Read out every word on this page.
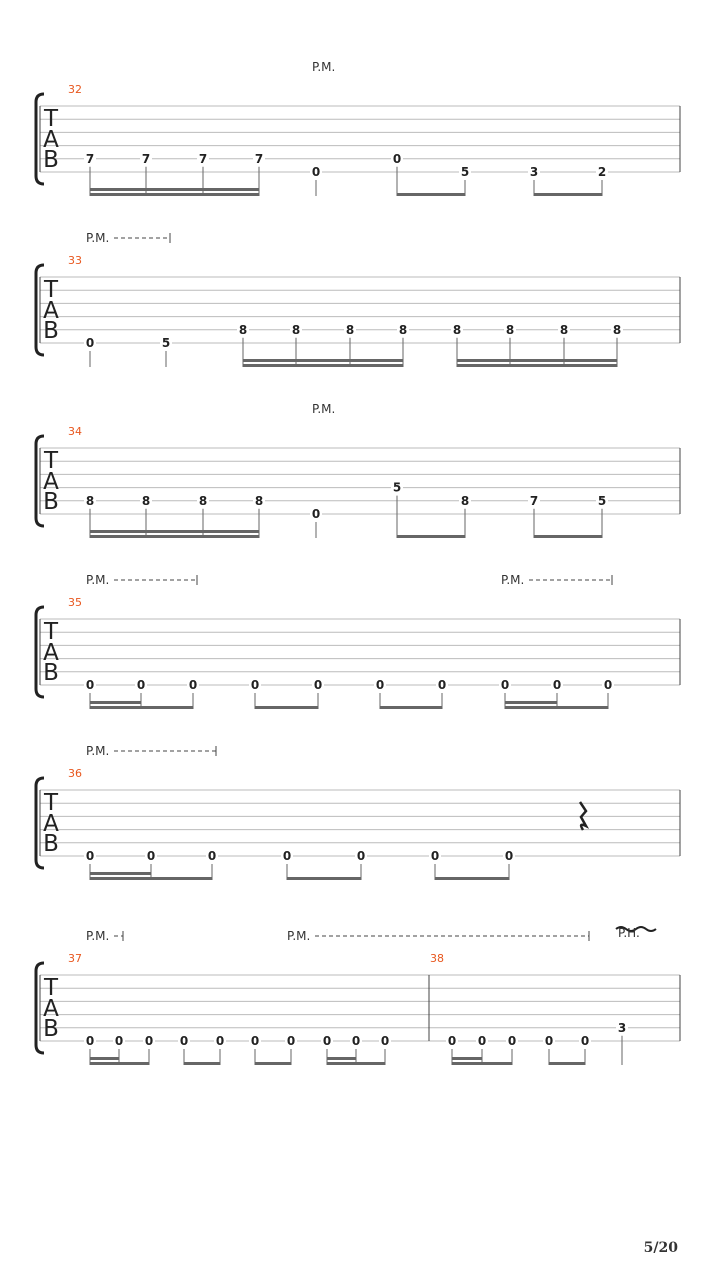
T
A
B
32
7	7	7	7
0
0
5	3	2
P.M.
T
A
B
33
0	5
8	8	8	8	8	8	8	8
P.M.
T
A
B
34
8	8	8	8
0
5
8	7	5
P.M.
T
A
B
35
0	0	0	0	0	0	0	0	0	0
P.M.	P.M.
T
A
B
36
0	0	0	0	0	0	0
P.M.
T
A
B
37	38
0 0 0 0 0 0 0 0 0 0	0 0 0 0 0
3
P.M.	P.M.	P.H.
5/20
